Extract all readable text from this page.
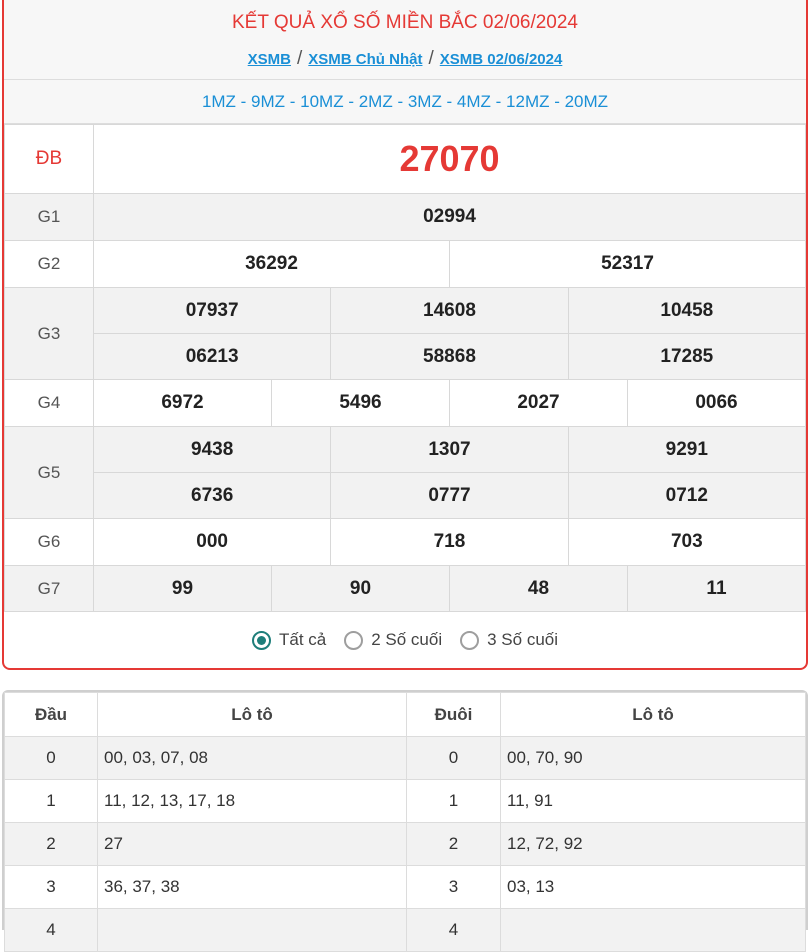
KẾT QUẢ XỔ SỐ MIỀN BẮC 02/06/2024
XSMB / XSMB Chủ Nhật / XSMB 02/06/2024
1MZ - 9MZ - 10MZ - 2MZ - 3MZ - 4MZ - 12MZ - 20MZ
ĐB	27070					
G1	02994					
G2	36292			52317		
G3	07937		14608		10458	
	06213		58868		17285	
G4	6972	5496		2027		0066
G5	9438		1307		9291	
	6736		0777		0712	
G6	000		718		703	
G7	99	90		48		11
Tất cả	2 Số cuối	3 Số cuối
Đầu	Lô tô	Đuôi	Lô tô
0	00, 03, 07, 08	0	00, 70, 90
1	11, 12, 13, 17, 18	1	11, 91
2	27	2	12, 72, 92
3	36, 37, 38	3	03, 13
4		4	
